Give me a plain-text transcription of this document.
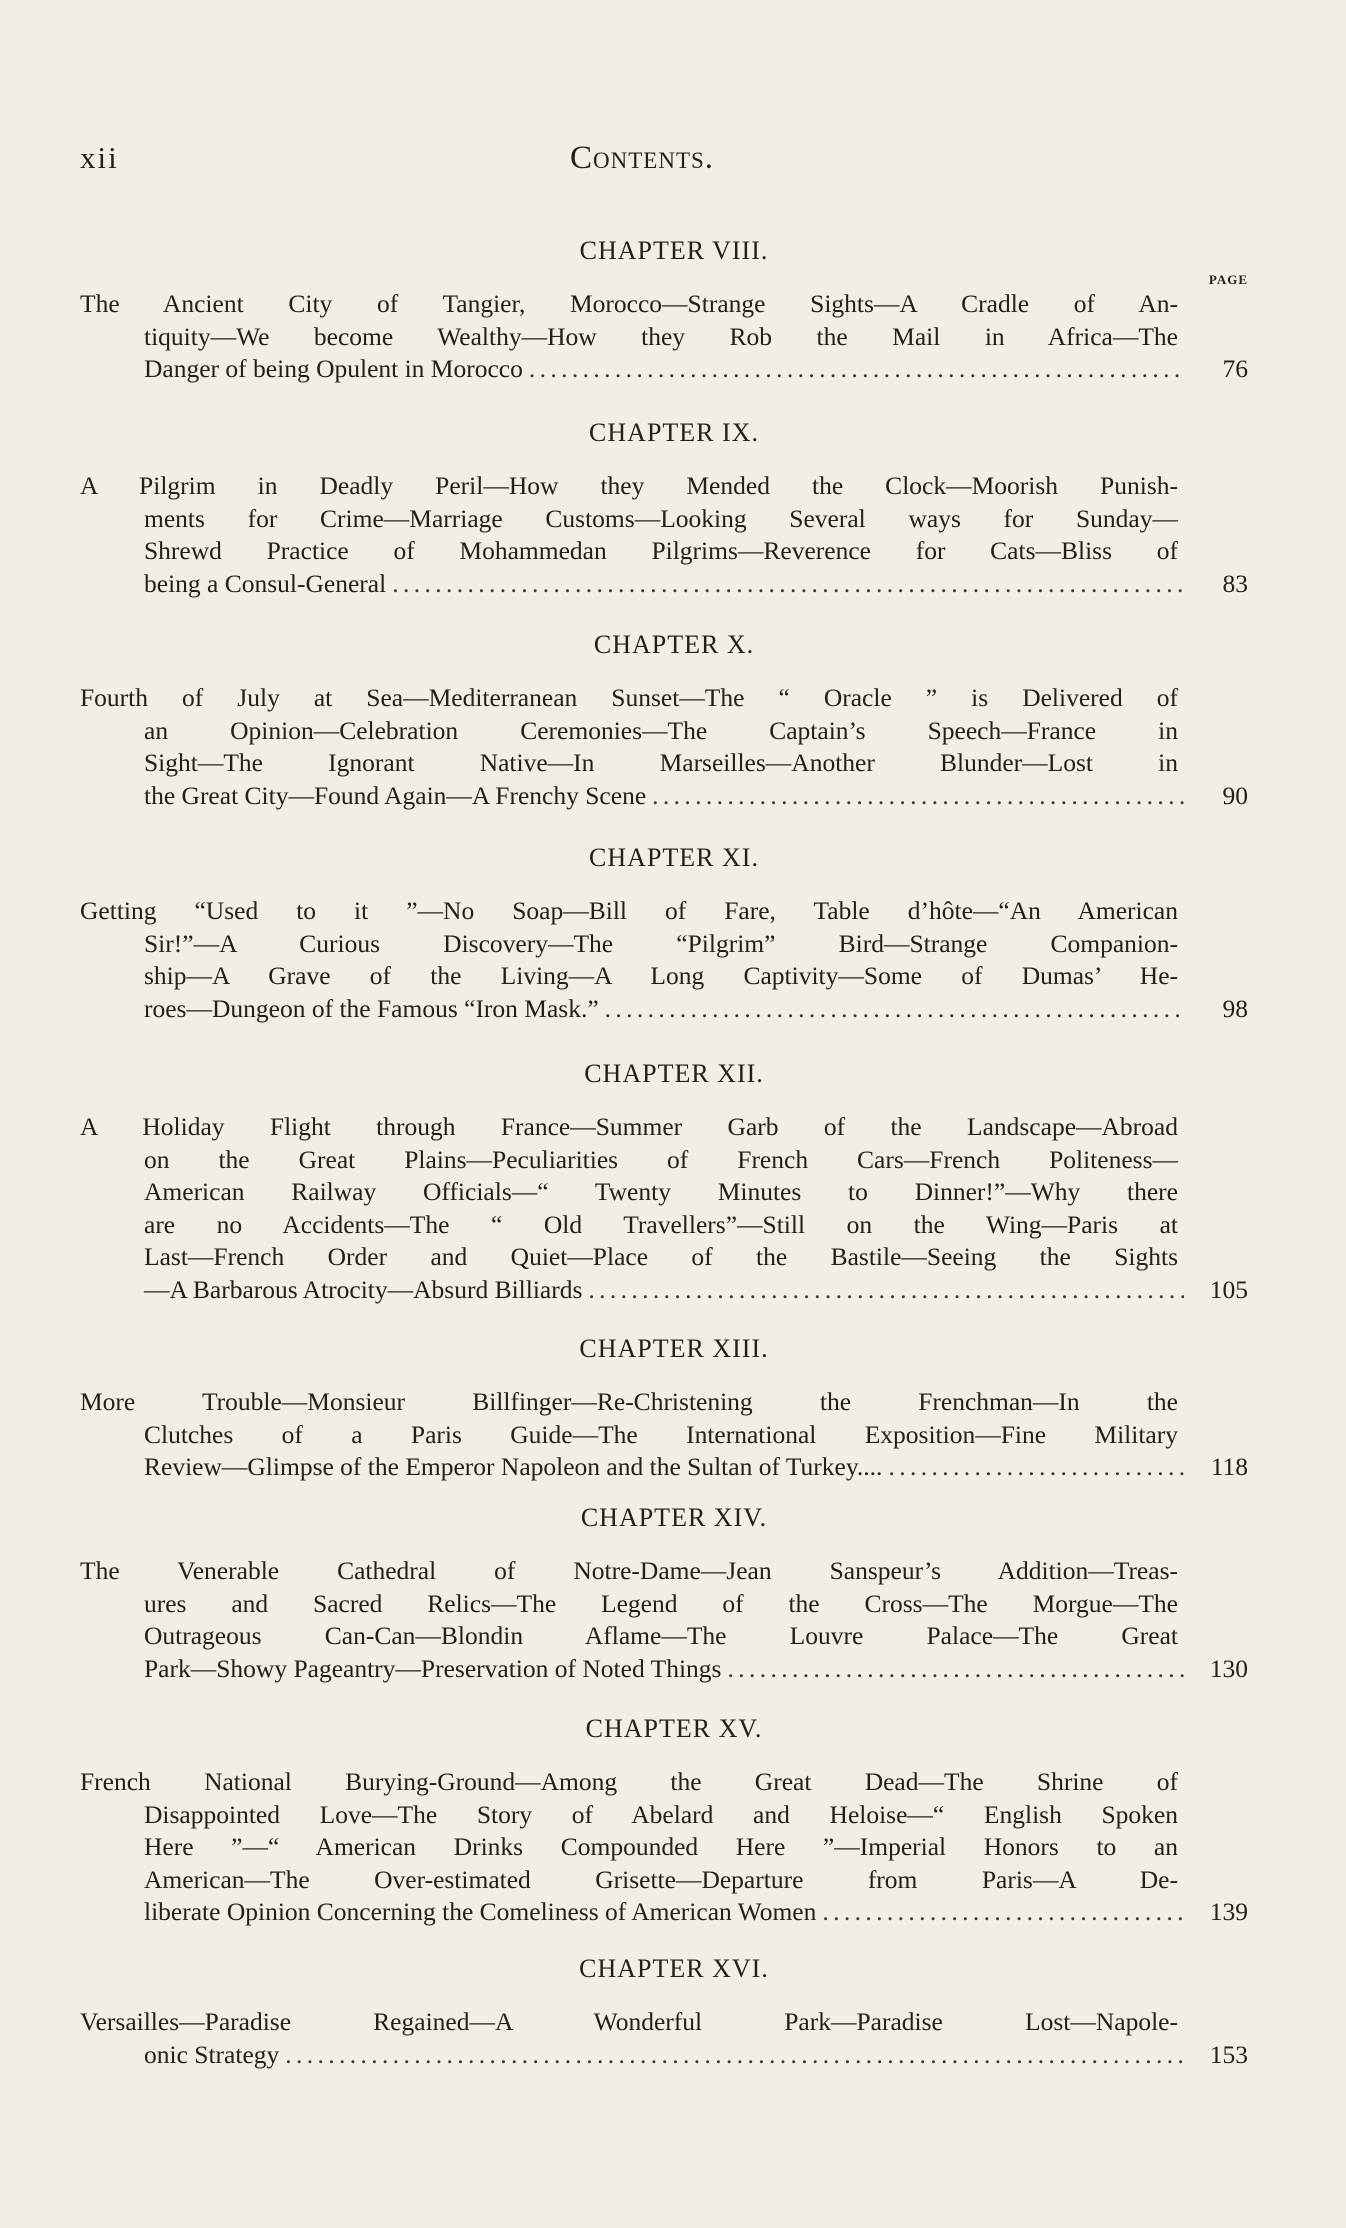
xii	Contents.
CHAPTER VIII.
PAGE
The Ancient City of Tangier, Morocco—Strange Sights—A Cradle of An-
tiquity—We become Wealthy—How they Rob the Mail in Africa—The
Danger of being Opulent in Morocco . . .	76
CHAPTER IX.
A Pilgrim in Deadly Peril—How they Mended the Clock—Moorish Punish-
ments for Crime—Marriage Customs—Looking Several ways for Sunday—
Shrewd Practice of Mohammedan Pilgrims—Reverence for Cats—Bliss of
being a Consul-General . . .	83
CHAPTER X.
Fourth of July at Sea—Mediterranean Sunset—The “ Oracle ” is Delivered of
an Opinion—Celebration Ceremonies—The Captain’s Speech—France in
Sight—The Ignorant Native—In Marseilles—Another Blunder—Lost in
the Great City—Found Again—A Frenchy Scene . . .	90
CHAPTER XI.
Getting “Used to it ”—No Soap—Bill of Fare, Table d’hôte—“An American
Sir!”—A Curious Discovery—The “Pilgrim” Bird—Strange Companion-
ship—A Grave of the Living—A Long Captivity—Some of Dumas’ He-
roes—Dungeon of the Famous “Iron Mask.” . . .	98
CHAPTER XII.
A Holiday Flight through France—Summer Garb of the Landscape—Abroad
on the Great Plains—Peculiarities of French Cars—French Politeness—
American Railway Officials—“ Twenty Minutes to Dinner!”—Why there
are no Accidents—The “ Old Travellers”—Still on the Wing—Paris at
Last—French Order and Quiet—Place of the Bastile—Seeing the Sights
—A Barbarous Atrocity—Absurd Billiards . . .	105
CHAPTER XIII.
More Trouble—Monsieur Billfinger—Re-Christening the Frenchman—In the
Clutches of a Paris Guide—The International Exposition—Fine Military
Review—Glimpse of the Emperor Napoleon and the Sultan of Turkey.... . . .	118
CHAPTER XIV.
The Venerable Cathedral of Notre-Dame—Jean Sanspeur’s Addition—Treas-
ures and Sacred Relics—The Legend of the Cross—The Morgue—The
Outrageous Can-Can—Blondin Aflame—The Louvre Palace—The Great
Park—Showy Pageantry—Preservation of Noted Things . . .	130
CHAPTER XV.
French National Burying-Ground—Among the Great Dead—The Shrine of
Disappointed Love—The Story of Abelard and Heloise—“ English Spoken
Here ”—“ American Drinks Compounded Here ”—Imperial Honors to an
American—The Over-estimated Grisette—Departure from Paris—A De-
liberate Opinion Concerning the Comeliness of American Women . . .	139
CHAPTER XVI.
Versailles—Paradise Regained—A Wonderful Park—Paradise Lost—Napole-
onic Strategy . . .	153
